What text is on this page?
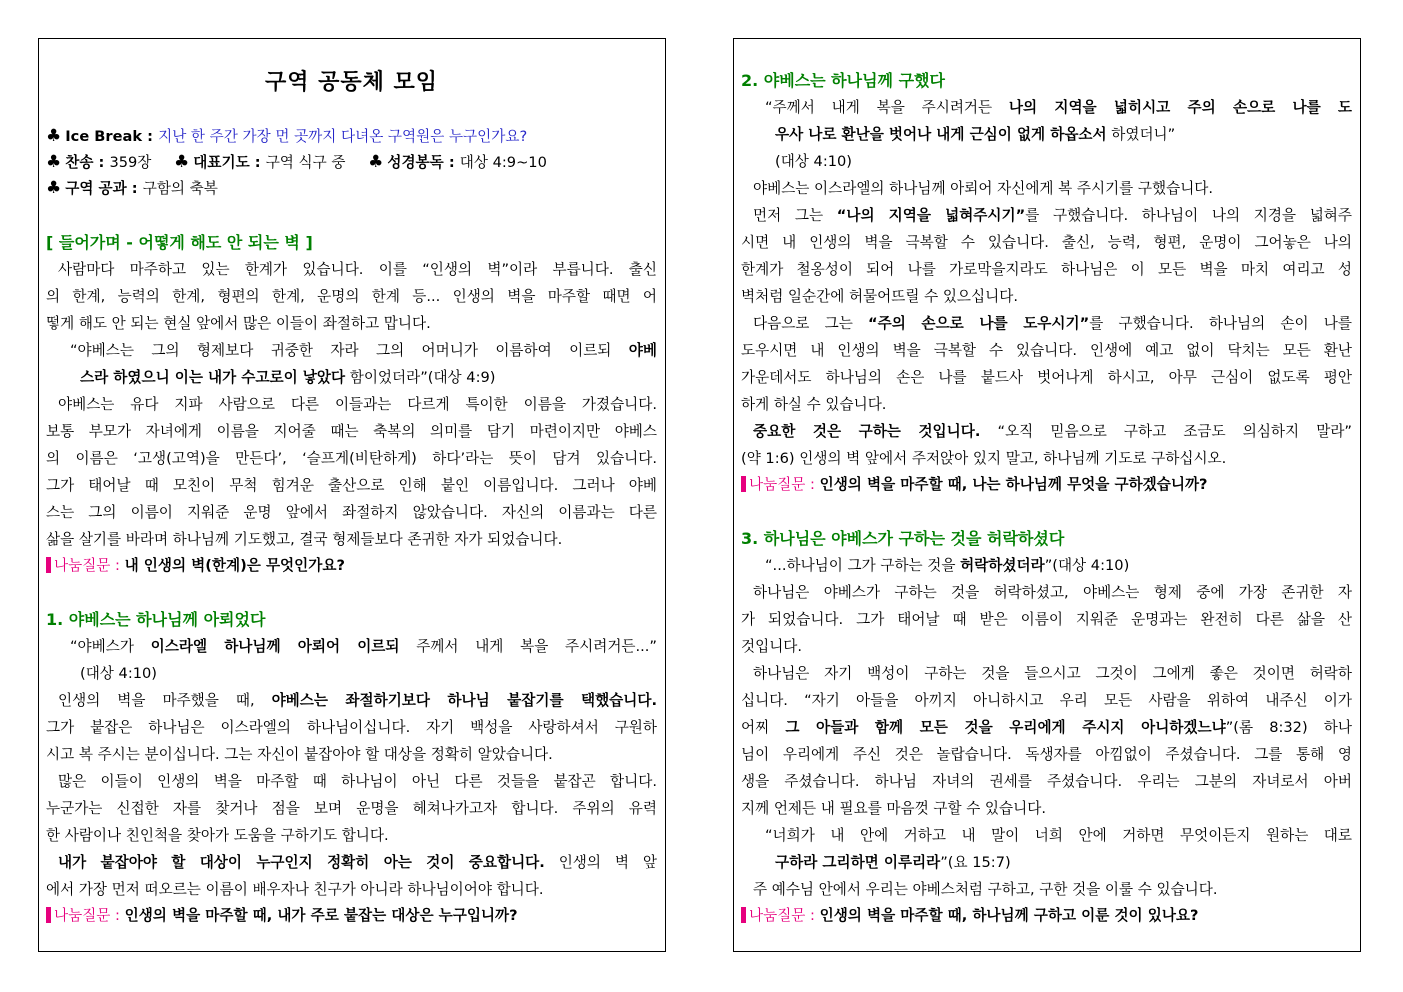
구역 공동체 모임
♣ Ice Break : 지난 한 주간 가장 먼 곳까지 다녀온 구역원은 누구인가요?
♣ 찬송 : 359장 ♣ 대표기도 : 구역 식구 중 ♣ 성경봉독 : 대상 4:9~10
♣ 구역 공과 : 구함의 축복
[ 들어가며 - 어떻게 해도 안 되는 벽 ]
사람마다 마주하고 있는 한계가 있습니다. 이를 “인생의 벽”이라 부릅니다. 출신
의 한계, 능력의 한계, 형편의 한계, 운명의 한계 등... 인생의 벽을 마주할 때면 어
떻게 해도 안 되는 현실 앞에서 많은 이들이 좌절하고 맙니다.
“야베스는 그의 형제보다 귀중한 자라 그의 어머니가 이름하여 이르되 야베
스라 하였으니 이는 내가 수고로이 낳았다 함이었더라”(대상 4:9)
야베스는 유다 지파 사람으로 다른 이들과는 다르게 특이한 이름을 가졌습니다.
보통 부모가 자녀에게 이름을 지어줄 때는 축복의 의미를 담기 마련이지만 야베스
의 이름은 ‘고생(고역)을 만든다’, ‘슬프게(비탄하게) 하다’라는 뜻이 담겨 있습니다.
그가 태어날 때 모친이 무척 힘겨운 출산으로 인해 붙인 이름입니다. 그러나 야베
스는 그의 이름이 지워준 운명 앞에서 좌절하지 않았습니다. 자신의 이름과는 다른
삶을 살기를 바라며 하나님께 기도했고, 결국 형제들보다 존귀한 자가 되었습니다.
나눔질문 : 내 인생의 벽(한계)은 무엇인가요?
1. 야베스는 하나님께 아뢰었다
“야베스가 이스라엘 하나님께 아뢰어 이르되 주께서 내게 복을 주시려거든...”
(대상 4:10)
인생의 벽을 마주했을 때, 야베스는 좌절하기보다 하나님 붙잡기를 택했습니다.
그가 붙잡은 하나님은 이스라엘의 하나님이십니다. 자기 백성을 사랑하셔서 구원하
시고 복 주시는 분이십니다. 그는 자신이 붙잡아야 할 대상을 정확히 알았습니다.
많은 이들이 인생의 벽을 마주할 때 하나님이 아닌 다른 것들을 붙잡곤 합니다.
누군가는 신접한 자를 찾거나 점을 보며 운명을 헤쳐나가고자 합니다. 주위의 유력
한 사람이나 친인척을 찾아가 도움을 구하기도 합니다.
내가 붙잡아야 할 대상이 누구인지 정확히 아는 것이 중요합니다. 인생의 벽 앞
에서 가장 먼저 떠오르는 이름이 배우자나 친구가 아니라 하나님이어야 합니다.
나눔질문 : 인생의 벽을 마주할 때, 내가 주로 붙잡는 대상은 누구입니까?
2. 야베스는 하나님께 구했다
“주께서 내게 복을 주시려거든 나의 지역을 넓히시고 주의 손으로 나를 도
우사 나로 환난을 벗어나 내게 근심이 없게 하옵소서 하였더니”
(대상 4:10)
야베스는 이스라엘의 하나님께 아뢰어 자신에게 복 주시기를 구했습니다.
먼저 그는 “나의 지역을 넓혀주시기”를 구했습니다. 하나님이 나의 지경을 넓혀주
시면 내 인생의 벽을 극복할 수 있습니다. 출신, 능력, 형편, 운명이 그어놓은 나의
한계가 철옹성이 되어 나를 가로막을지라도 하나님은 이 모든 벽을 마치 여리고 성
벽처럼 일순간에 허물어뜨릴 수 있으십니다.
다음으로 그는 “주의 손으로 나를 도우시기”를 구했습니다. 하나님의 손이 나를
도우시면 내 인생의 벽을 극복할 수 있습니다. 인생에 예고 없이 닥치는 모든 환난
가운데서도 하나님의 손은 나를 붙드사 벗어나게 하시고, 아무 근심이 없도록 평안
하게 하실 수 있습니다.
중요한 것은 구하는 것입니다. “오직 믿음으로 구하고 조금도 의심하지 말라”
(약 1:6) 인생의 벽 앞에서 주저앉아 있지 말고, 하나님께 기도로 구하십시오.
나눔질문 : 인생의 벽을 마주할 때, 나는 하나님께 무엇을 구하겠습니까?
3. 하나님은 야베스가 구하는 것을 허락하셨다
“...하나님이 그가 구하는 것을 허락하셨더라”(대상 4:10)
하나님은 야베스가 구하는 것을 허락하셨고, 야베스는 형제 중에 가장 존귀한 자
가 되었습니다. 그가 태어날 때 받은 이름이 지워준 운명과는 완전히 다른 삶을 산
것입니다.
하나님은 자기 백성이 구하는 것을 들으시고 그것이 그에게 좋은 것이면 허락하
십니다. “자기 아들을 아끼지 아니하시고 우리 모든 사람을 위하여 내주신 이가
어찌 그 아들과 함께 모든 것을 우리에게 주시지 아니하겠느냐”(롬 8:32) 하나
님이 우리에게 주신 것은 놀랍습니다. 독생자를 아낌없이 주셨습니다. 그를 통해 영
생을 주셨습니다. 하나님 자녀의 권세를 주셨습니다. 우리는 그분의 자녀로서 아버
지께 언제든 내 필요를 마음껏 구할 수 있습니다.
“너희가 내 안에 거하고 내 말이 너희 안에 거하면 무엇이든지 원하는 대로
구하라 그리하면 이루리라”(요 15:7)
주 예수님 안에서 우리는 야베스처럼 구하고, 구한 것을 이룰 수 있습니다.
나눔질문 : 인생의 벽을 마주할 때, 하나님께 구하고 이룬 것이 있나요?
